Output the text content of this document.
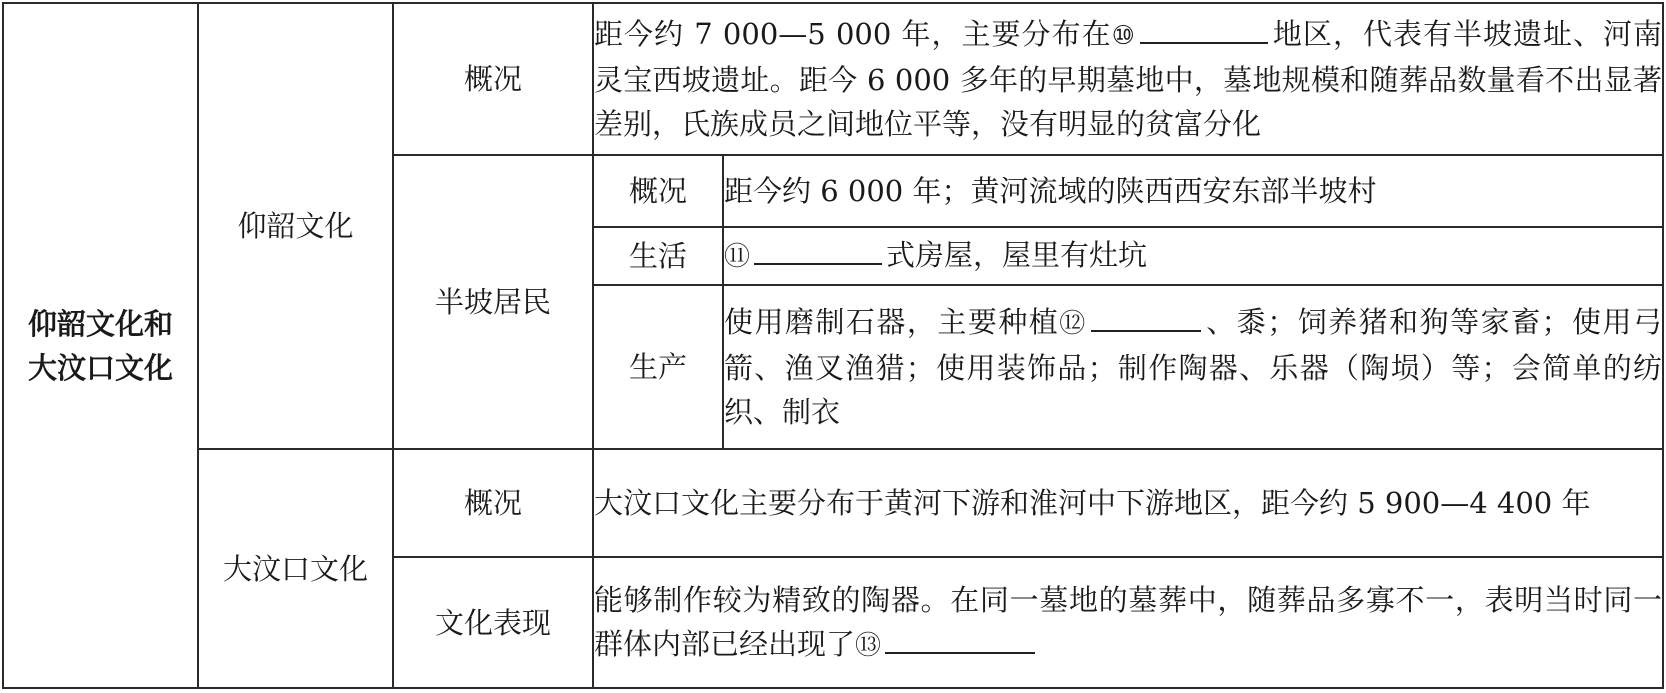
仰韶文化和
大汶口文化	仰韶文化	概况	距今约 7 000—5 000 年，主要分布在⑩ 地区，代表有半坡遗址、河南灵宝西坡遗址。距今 6 000 多年的早期墓地中，墓地规模和随葬品数量看不出显著差别，氏族成员之间地位平等，没有明显的贫富分化	
		半坡居民	概况	距今约 6 000 年；黄河流域的陕西西安东部半坡村
			生活	⑪ 式房屋，屋里有灶坑
			生产	使用磨制石器，主要种植⑫ 、黍；饲养猪和狗等家畜；使用弓箭、渔叉渔猎；使用装饰品；制作陶器、乐器（陶埙）等；会简单的纺织、制衣
	大汶口文化	概况	大汶口文化主要分布于黄河下游和淮河中下游地区，距今约 5 900—4 400 年	
		文化表现	能够制作较为精致的陶器。在同一墓地的墓葬中，随葬品多寡不一，表明当时同一群体内部已经出现了⑬	
